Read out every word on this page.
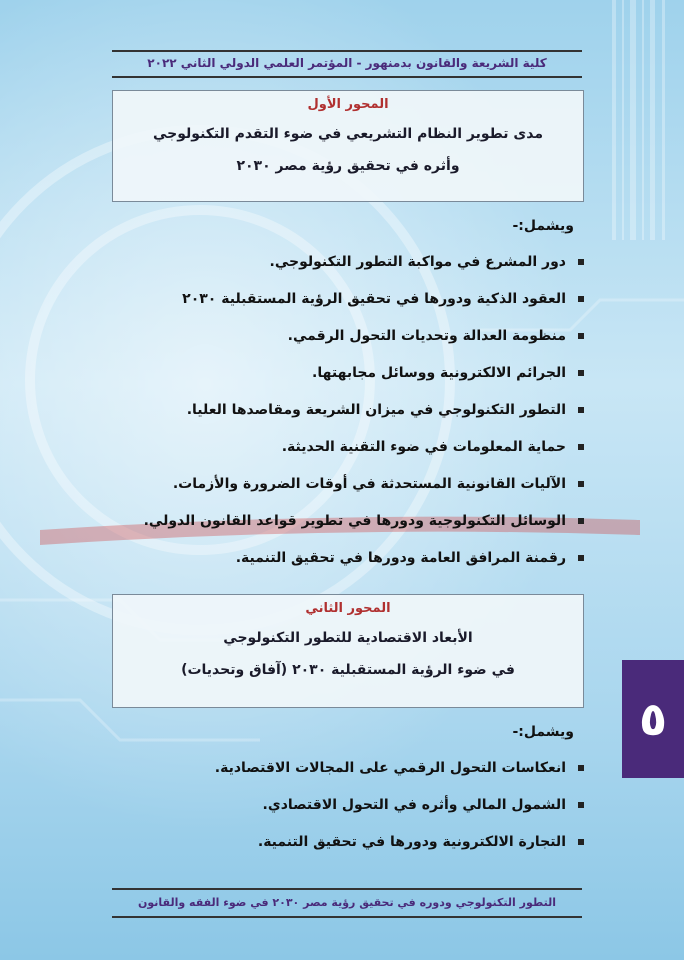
كلية الشريعة والقانون بدمنهور - المؤتمر العلمي الدولي الثاني ٢٠٢٢
المحور الأول
مدى تطوير النظام التشريعي في ضوء التقدم التكنولوجي
وأثره في تحقيق رؤية مصر ٢٠٣٠
ويشمل:-
دور المشرع في مواكبة التطور التكنولوجي.
العقود الذكية ودورها في تحقيق الرؤية المستقبلية ٢٠٣٠
منظومة العدالة وتحديات التحول الرقمي.
الجرائم الالكترونية ووسائل مجابهتها.
التطور التكنولوجي في ميزان الشريعة ومقاصدها العليا.
حماية المعلومات في ضوء التقنية الحديثة.
الآليات القانونية المستحدثة في أوقات الضرورة والأزمات.
الوسائل التكنولوجية ودورها في تطوير قواعد القانون الدولي.
رقمنة المرافق العامة ودورها في تحقيق التنمية.
المحور الثاني
الأبعاد الاقتصادية للتطور التكنولوجي
في ضوء الرؤية المستقبلية ٢٠٣٠ (آفاق وتحديات)
ويشمل:-
انعكاسات التحول الرقمي على المجالات الاقتصادية.
الشمول المالي وأثره في التحول الاقتصادي.
التجارة الالكترونية ودورها في تحقيق التنمية.
التطور التكنولوجي ودوره في تحقيق رؤية مصر ٢٠٣٠ في ضوء الفقه والقانون
٥
